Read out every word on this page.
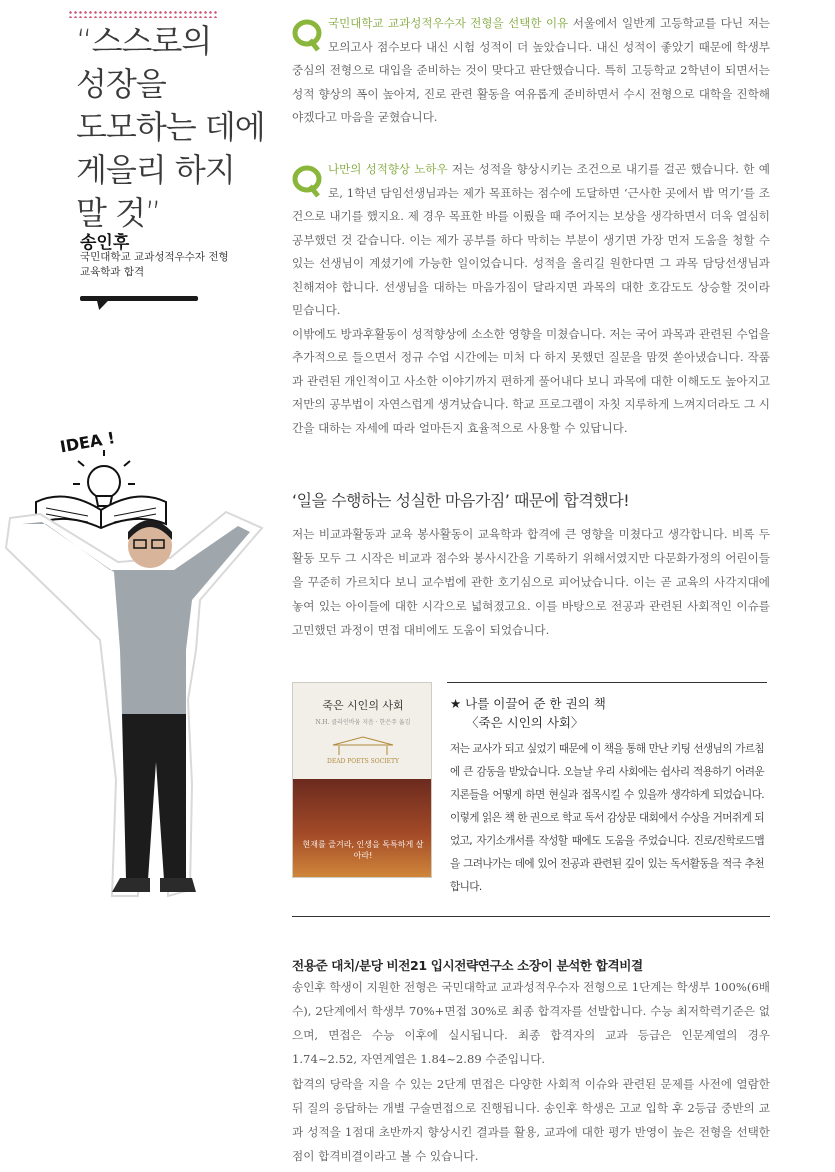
“스스로의
성장을
도모하는 데에
게을리 하지
말 것”
송인후
국민대학교 교과성적우수자 전형
교육학과 합격
IDEA !

국민대학교 교과성적우수자 전형을 선택한 이유 서울에서 일반계 고등학교를 다닌 저는 모의고사 점수보다 내신 시험 성적이 더 높았습니다. 내신 성적이 좋았기 때문에 학생부 중심의 전형으로 대입을 준비하는 것이 맞다고 판단했습니다. 특히 고등학교 2학년이 되면서는 성적 향상의 폭이 높아져, 진로 관련 활동을 여유롭게 준비하면서 수시 전형으로 대학을 진학해야겠다고 마음을 굳혔습니다.

나만의 성적향상 노하우 저는 성적을 향상시키는 조건으로 내기를 걸곤 했습니다. 한 예로, 1학년 담임선생님과는 제가 목표하는 점수에 도달하면 ‘근사한 곳에서 밥 먹기’를 조건으로 내기를 했지요. 제 경우 목표한 바를 이뤘을 때 주어지는 보상을 생각하면서 더욱 열심히 공부했던 것 같습니다. 이는 제가 공부를 하다 막히는 부분이 생기면 가장 먼저 도움을 청할 수 있는 선생님이 계셨기에 가능한 일이었습니다. 성적을 올리길 원한다면 그 과목 담당선생님과 친해져야 합니다. 선생님을 대하는 마음가짐이 달라지면 과목의 대한 호감도도 상승할 것이라 믿습니다.

이밖에도 방과후활동이 성적향상에 소소한 영향을 미쳤습니다. 저는 국어 과목과 관련된 수업을 추가적으로 들으면서 정규 수업 시간에는 미처 다 하지 못했던 질문을 맘껏 쏟아냈습니다. 작품과 관련된 개인적이고 사소한 이야기까지 편하게 풀어내다 보니 과목에 대한 이해도도 높아지고 저만의 공부법이 자연스럽게 생겨났습니다. 학교 프로그램이 자칫 지루하게 느껴지더라도 그 시간을 대하는 자세에 따라 얼마든지 효율적으로 사용할 수 있답니다.

‘일을 수행하는 성실한 마음가짐’ 때문에 합격했다!
저는 비교과활동과 교육 봉사활동이 교육학과 합격에 큰 영향을 미쳤다고 생각합니다. 비록 두 활동 모두 그 시작은 비교과 점수와 봉사시간을 기록하기 위해서였지만 다문화가정의 어린이들을 꾸준히 가르치다 보니 교수법에 관한 호기심으로 피어났습니다. 이는 곧 교육의 사각지대에 놓여 있는 아이들에 대한 시각으로 넓혀졌고요. 이를 바탕으로 전공과 관련된 사회적인 이슈를 고민했던 과정이 면접 대비에도 도움이 되었습니다.
죽은 시인의 사회
N.H. 클라인바움 지음 · 한은주 옮김
DEAD POETS SOCIETY
현재를 즐겨라, 인생을 독특하게 살아라!
★ 나를 이끌어 준 한 권의 책
〈죽은 시인의 사회〉
저는 교사가 되고 싶었기 때문에 이 책을 통해 만난 키팅 선생님의 가르침에 큰 감동을 받았습니다. 오늘날 우리 사회에는 쉽사리 적용하기 어려운 지론들을 어떻게 하면 현실과 접목시킬 수 있을까 생각하게 되었습니다. 이렇게 읽은 책 한 권으로 학교 독서 감상문 대회에서 수상을 거머쥐게 되었고, 자기소개서를 작성할 때에도 도움을 주었습니다. 진로/진학로드맵을 그려나가는 데에 있어 전공과 관련된 깊이 있는 독서활동을 적극 추천합니다.
전용준 대치/분당 비전21 입시전략연구소 소장이 분석한 합격비결
송인후 학생이 지원한 전형은 국민대학교 교과성적우수자 전형으로 1단계는 학생부 100%(6배수), 2단계에서 학생부 70%+면접 30%로 최종 합격자를 선발합니다. 수능 최저학력기준은 없으며, 면접은 수능 이후에 실시됩니다. 최종 합격자의 교과 등급은 인문계열의 경우 1.74~2.52, 자연계열은 1.84~2.89 수준입니다.
합격의 당락을 지을 수 있는 2단계 면접은 다양한 사회적 이슈와 관련된 문제를 사전에 열람한 뒤 질의 응답하는 개별 구술면접으로 진행됩니다. 송인후 학생은 고교 입학 후 2등급 중반의 교과 성적을 1점대 초반까지 향상시킨 결과를 활용, 교과에 대한 평가 반영이 높은 전형을 선택한 점이 합격비결이라고 볼 수 있습니다.
